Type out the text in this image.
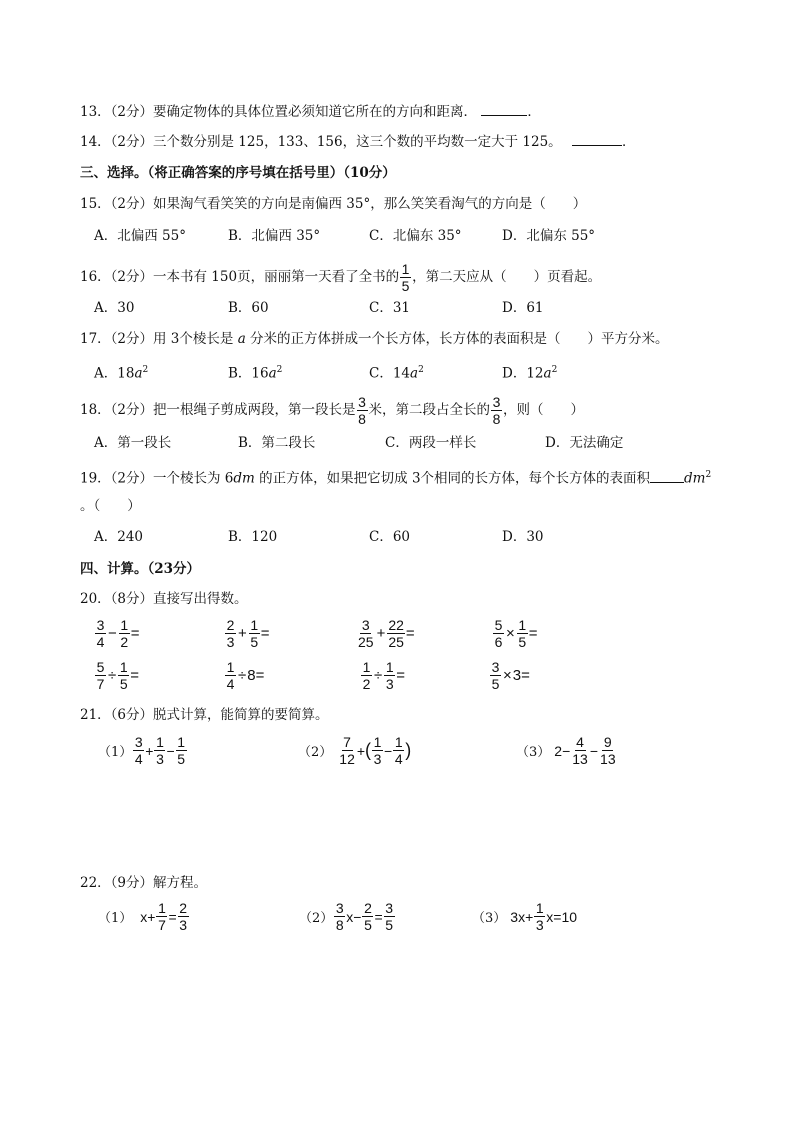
13．（2分）要确定物体的具体位置必须知道它所在的方向和距离．	．
14．（2分）三个数分别是 125，133、156，这三个数的平均数一定大于 125。	．
三、选择。（将正确答案的序号填在括号里）（10分）
15．（2分）如果淘气看笑笑的方向是南偏西 35°，那么笑笑看淘气的方向是（　　）
A．北偏西 55°	B．北偏西 35°	C．北偏东 35°	D．北偏东 55°
16．（2分）一本书有 150页，丽丽第一天看了全书的 $\frac{1}{5}$ ，第二天应从（　　）页看起。
A．30	B．60	C．31	D．61
17．（2分）用 3个棱长是 a 分米的正方体拼成一个长方体，长方体的表面积是（　　）平方分米。
A．$18a^2$	B．$16a^2$	C．$14a^2$	D．$12a^2$
18．（2分）把一根绳子剪成两段，第一段长是 $\frac{3}{8}$ 米，第二段占全长的 $\frac{3}{8}$ ，则（　　）
A．第一段长	B．第二段长	C．两段一样长	D．无法确定
19．（2分）一个棱长为 6dm 的正方体，如果把它切成 3个相同的长方体，每个长方体的表面积	$dm^2$
。（　　）
A．240	B．120	C．60	D．30
四、计算。（23分）
20．（8分）直接写出得数。
$\frac{3}{4} - \frac{1}{2}$ =	$\frac{2}{3} + \frac{1}{5}$ =	$\frac{3}{25} + \frac{22}{25}$ =	$\frac{5}{6} \times \frac{1}{5}$ =
$\frac{5}{7} \div \frac{1}{5}$ =	$\frac{1}{4} \div 8$ =	$\frac{1}{2} \div \frac{1}{3}$ =	$\frac{3}{5} \times 3$ =
21．（6分）脱式计算，能简算的要简算。
$(1) \frac{3}{4} + \frac{1}{3} - \frac{1}{5}$	$(2) \frac{7}{12}$ + ( $\frac{1}{3} - \frac{1}{4}$ )	（3） $2 - \frac{4}{13} - \frac{9}{13}$
22．（9分）解方程。
（1） $x + \frac{1}{7} = \frac{2}{3}$	$(2) \frac{3}{8}$ $x - \frac{2}{5} = \frac{3}{5}$	（3） $3x + \frac{1}{3}$ x = 10
